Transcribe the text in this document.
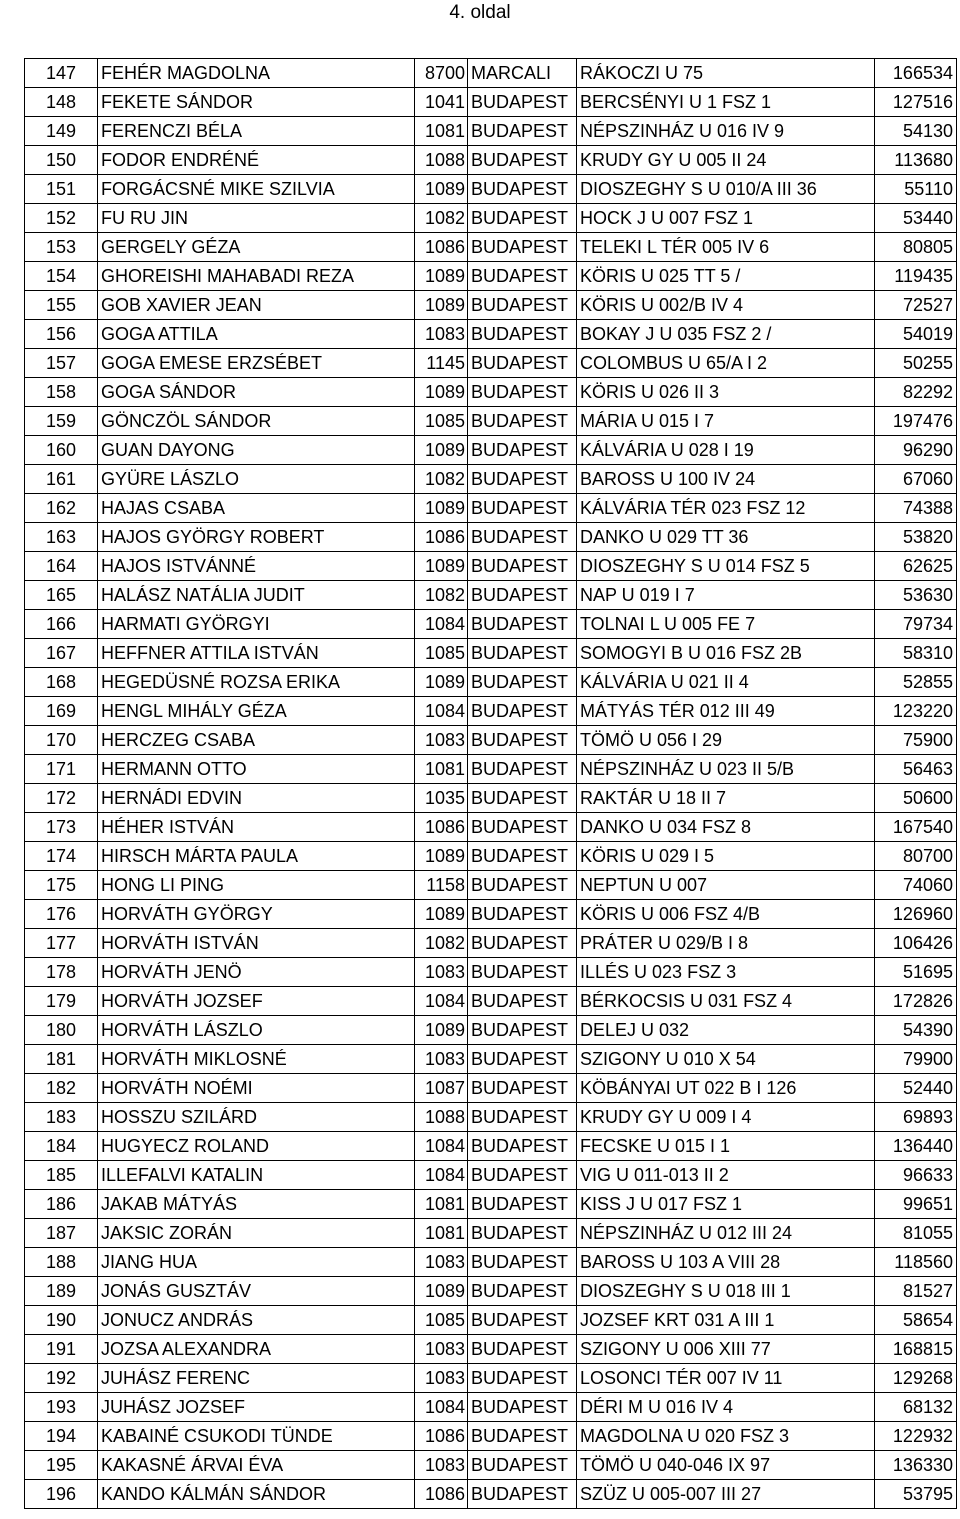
4. oldal
147	FEHÉR MAGDOLNA	8700	MARCALI	RÁKOCZI U 75	166534
148	FEKETE SÁNDOR	1041	BUDAPEST	BERCSÉNYI U 1 FSZ 1	127516
149	FERENCZI BÉLA	1081	BUDAPEST	NÉPSZINHÁZ U 016 IV 9	54130
150	FODOR ENDRÉNÉ	1088	BUDAPEST	KRUDY GY U 005 II 24	113680
151	FORGÁCSNÉ MIKE SZILVIA	1089	BUDAPEST	DIOSZEGHY S U 010/A III 36	55110
152	FU RU JIN	1082	BUDAPEST	HOCK J U 007 FSZ 1	53440
153	GERGELY GÉZA	1086	BUDAPEST	TELEKI L TÉR 005 IV 6	80805
154	GHOREISHI MAHABADI REZA	1089	BUDAPEST	KÖRIS U 025 TT 5 /	119435
155	GOB XAVIER JEAN	1089	BUDAPEST	KÖRIS U 002/B IV 4	72527
156	GOGA ATTILA	1083	BUDAPEST	BOKAY J U 035 FSZ 2 /	54019
157	GOGA EMESE ERZSÉBET	1145	BUDAPEST	COLOMBUS U 65/A I 2	50255
158	GOGA SÁNDOR	1089	BUDAPEST	KÖRIS U 026 II 3	82292
159	GÖNCZÖL SÁNDOR	1085	BUDAPEST	MÁRIA U 015 I 7	197476
160	GUAN DAYONG	1089	BUDAPEST	KÁLVÁRIA U 028 I 19	96290
161	GYÜRE LÁSZLO	1082	BUDAPEST	BAROSS U 100 IV 24	67060
162	HAJAS CSABA	1089	BUDAPEST	KÁLVÁRIA TÉR 023 FSZ 12	74388
163	HAJOS GYÖRGY ROBERT	1086	BUDAPEST	DANKO U 029 TT 36	53820
164	HAJOS ISTVÁNNÉ	1089	BUDAPEST	DIOSZEGHY S U 014 FSZ 5	62625
165	HALÁSZ NATÁLIA JUDIT	1082	BUDAPEST	NAP U 019 I 7	53630
166	HARMATI GYÖRGYI	1084	BUDAPEST	TOLNAI L U 005 FE 7	79734
167	HEFFNER ATTILA ISTVÁN	1085	BUDAPEST	SOMOGYI B U 016 FSZ 2B	58310
168	HEGEDÜSNÉ ROZSA ERIKA	1089	BUDAPEST	KÁLVÁRIA U 021 II 4	52855
169	HENGL MIHÁLY GÉZA	1084	BUDAPEST	MÁTYÁS TÉR 012 III 49	123220
170	HERCZEG CSABA	1083	BUDAPEST	TÖMÖ U 056 I 29	75900
171	HERMANN OTTO	1081	BUDAPEST	NÉPSZINHÁZ U 023 II 5/B	56463
172	HERNÁDI EDVIN	1035	BUDAPEST	RAKTÁR U 18 II 7	50600
173	HÉHER ISTVÁN	1086	BUDAPEST	DANKO U 034 FSZ 8	167540
174	HIRSCH MÁRTA PAULA	1089	BUDAPEST	KÖRIS U 029 I 5	80700
175	HONG LI PING	1158	BUDAPEST	NEPTUN U 007	74060
176	HORVÁTH GYÖRGY	1089	BUDAPEST	KÖRIS U 006 FSZ 4/B	126960
177	HORVÁTH ISTVÁN	1082	BUDAPEST	PRÁTER U 029/B I 8	106426
178	HORVÁTH JENÖ	1083	BUDAPEST	ILLÉS U 023 FSZ 3	51695
179	HORVÁTH JOZSEF	1084	BUDAPEST	BÉRKOCSIS U 031 FSZ 4	172826
180	HORVÁTH LÁSZLO	1089	BUDAPEST	DELEJ U 032	54390
181	HORVÁTH MIKLOSNÉ	1083	BUDAPEST	SZIGONY U 010 X 54	79900
182	HORVÁTH NOÉMI	1087	BUDAPEST	KÖBÁNYAI UT 022 B I 126	52440
183	HOSSZU SZILÁRD	1088	BUDAPEST	KRUDY GY U 009 I 4	69893
184	HUGYECZ ROLAND	1084	BUDAPEST	FECSKE U 015 I 1	136440
185	ILLEFALVI KATALIN	1084	BUDAPEST	VIG U 011-013 II 2	96633
186	JAKAB MÁTYÁS	1081	BUDAPEST	KISS J U 017 FSZ 1	99651
187	JAKSIC ZORÁN	1081	BUDAPEST	NÉPSZINHÁZ U 012 III 24	81055
188	JIANG HUA	1083	BUDAPEST	BAROSS U 103 A VIII 28	118560
189	JONÁS GUSZTÁV	1089	BUDAPEST	DIOSZEGHY S U 018 III 1	81527
190	JONUCZ ANDRÁS	1085	BUDAPEST	JOZSEF KRT 031 A III 1	58654
191	JOZSA ALEXANDRA	1083	BUDAPEST	SZIGONY U 006 XIII 77	168815
192	JUHÁSZ FERENC	1083	BUDAPEST	LOSONCI TÉR 007 IV 11	129268
193	JUHÁSZ JOZSEF	1084	BUDAPEST	DÉRI M U 016 IV 4	68132
194	KABAINÉ CSUKODI TÜNDE	1086	BUDAPEST	MAGDOLNA U 020 FSZ 3	122932
195	KAKASNÉ ÁRVAI ÉVA	1083	BUDAPEST	TÖMÖ U 040-046 IX 97	136330
196	KANDO KÁLMÁN SÁNDOR	1086	BUDAPEST	SZÜZ U 005-007 III 27	53795
